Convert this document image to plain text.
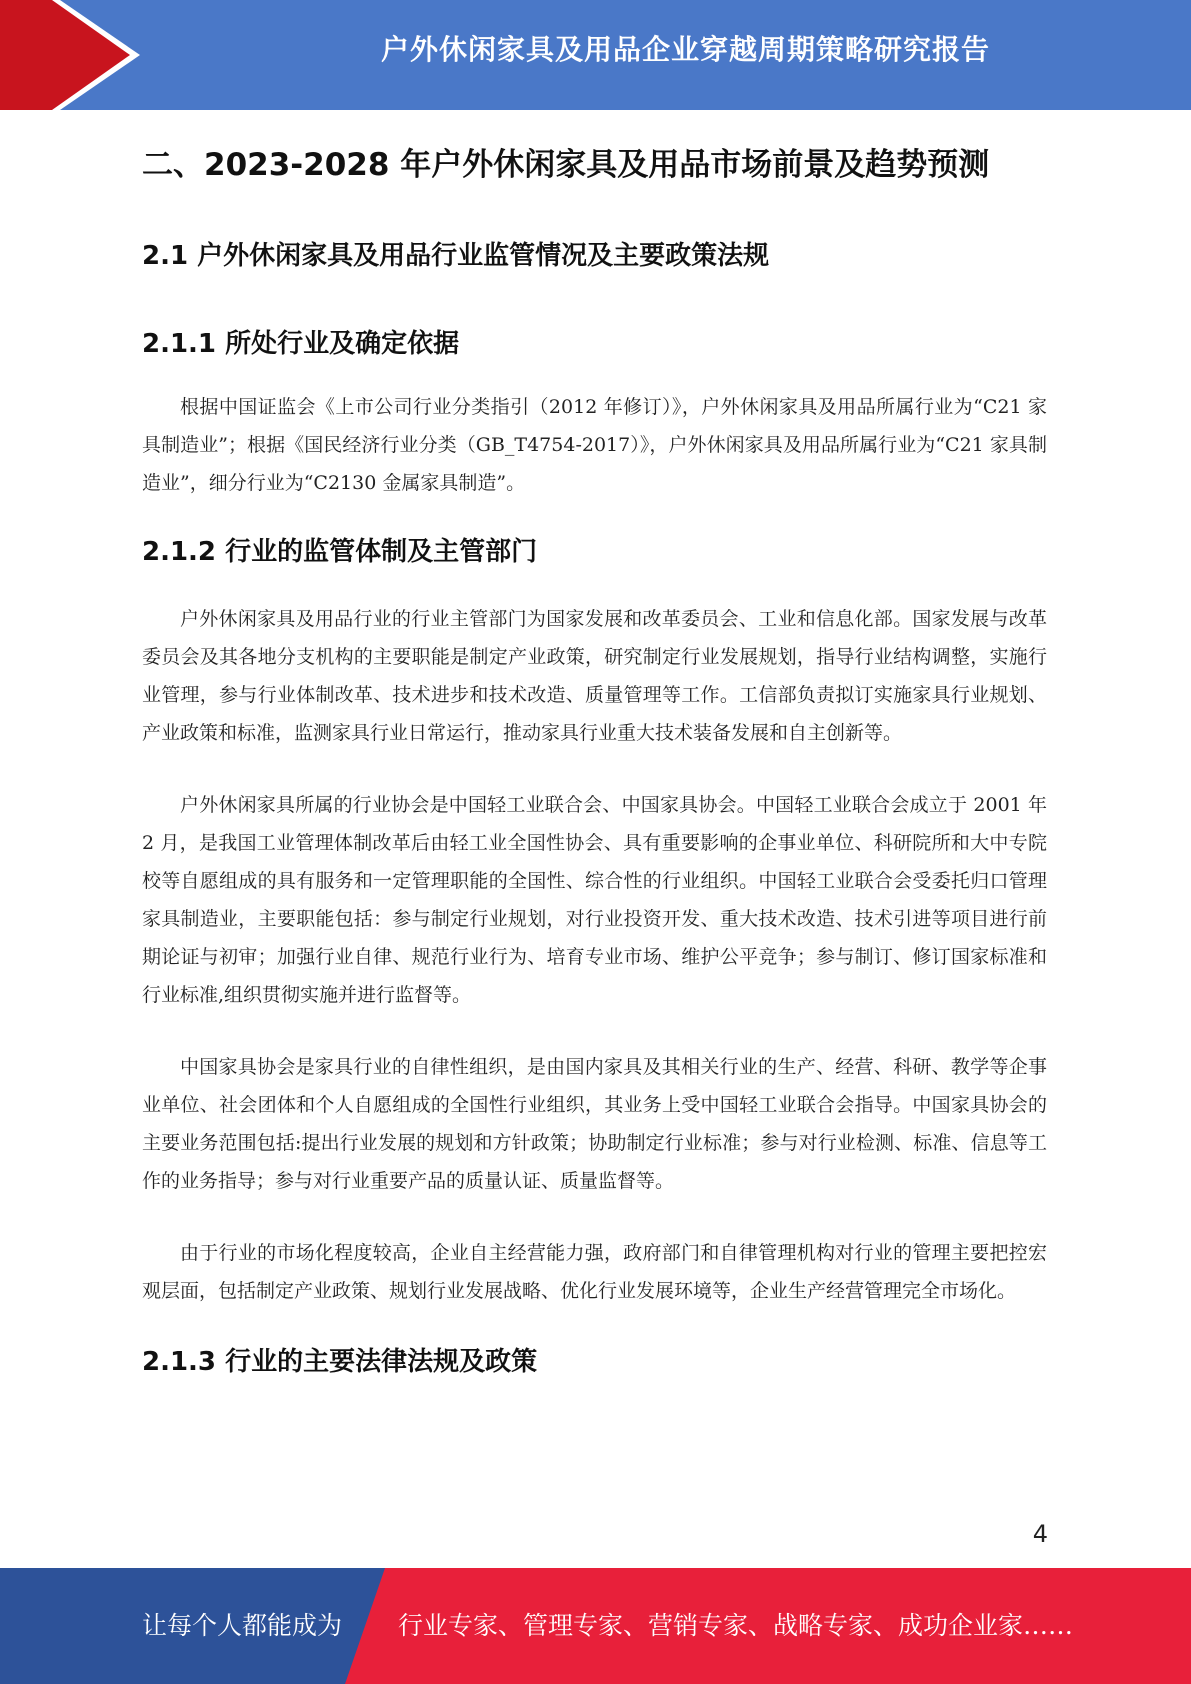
户外休闲家具及用品企业穿越周期策略研究报告
二、2023-2028 年户外休闲家具及用品市场前景及趋势预测
2.1 户外休闲家具及用品行业监管情况及主要政策法规
2.1.1 所处行业及确定依据

根据中国证监会《上市公司行业分类指引（2012 年修订）》，户外休闲家具及用品所属行业为“C21 家具制造业”；根据《国民经济行业分类（GB_T4754-2017）》，户外休闲家具及用品所属行业为“C21 家具制造业”，细分行业为“C2130 金属家具制造”。

2.1.2 行业的监管体制及主管部门

户外休闲家具及用品行业的行业主管部门为国家发展和改革委员会、工业和信息化部。国家发展与改革委员会及其各地分支机构的主要职能是制定产业政策，研究制定行业发展规划，指导行业结构调整，实施行业管理，参与行业体制改革、技术进步和技术改造、质量管理等工作。工信部负责拟订实施家具行业规划、产业政策和标准，监测家具行业日常运行，推动家具行业重大技术装备发展和自主创新等。

户外休闲家具所属的行业协会是中国轻工业联合会、中国家具协会。中国轻工业联合会成立于 2001 年 2 月，是我国工业管理体制改革后由轻工业全国性协会、具有重要影响的企事业单位、科研院所和大中专院校等自愿组成的具有服务和一定管理职能的全国性、综合性的行业组织。中国轻工业联合会受委托归口管理家具制造业，主要职能包括：参与制定行业规划，对行业投资开发、重大技术改造、技术引进等项目进行前期论证与初审；加强行业自律、规范行业行为、培育专业市场、维护公平竞争；参与制订、修订国家标准和行业标准,组织贯彻实施并进行监督等。

中国家具协会是家具行业的自律性组织，是由国内家具及其相关行业的生产、经营、科研、教学等企事业单位、社会团体和个人自愿组成的全国性行业组织，其业务上受中国轻工业联合会指导。中国家具协会的主要业务范围包括:提出行业发展的规划和方针政策；协助制定行业标准；参与对行业检测、标准、信息等工作的业务指导；参与对行业重要产品的质量认证、质量监督等。

由于行业的市场化程度较高，企业自主经营能力强，政府部门和自律管理机构对行业的管理主要把控宏观层面，包括制定产业政策、规划行业发展战略、优化行业发展环境等，企业生产经营管理完全市场化。

2.1.3 行业的主要法律法规及政策
4
让每个人都能成为 行业专家、管理专家、营销专家、战略专家、成功企业家……
